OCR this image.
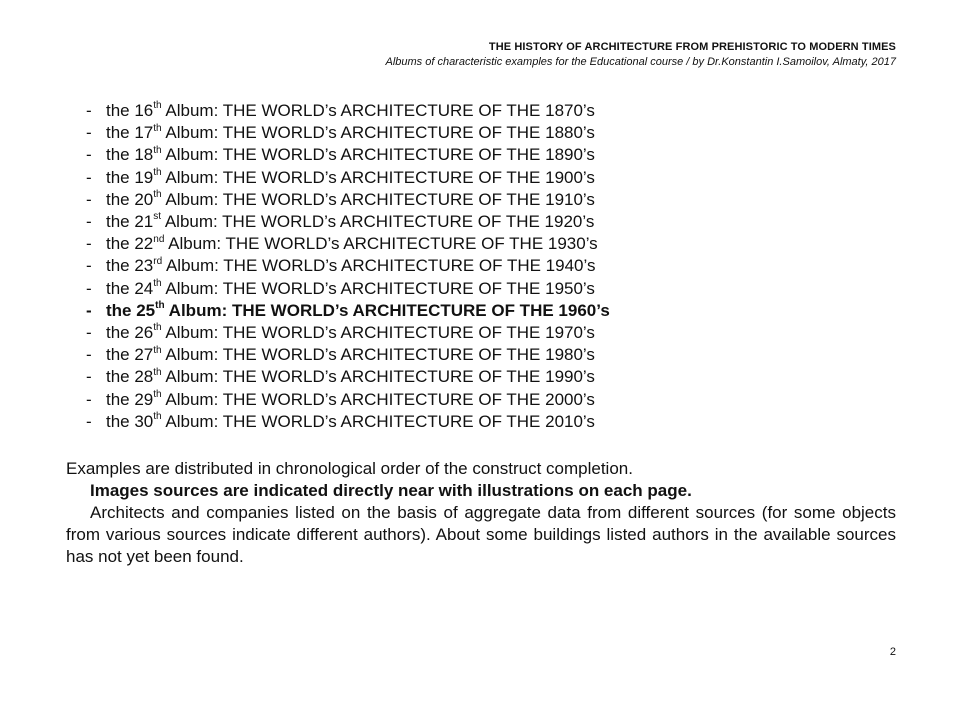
THE HISTORY OF ARCHITECTURE FROM PREHISTORIC TO MODERN TIMES
Albums of characteristic examples for the Educational course / by Dr.Konstantin I.Samoilov, Almaty, 2017
- the 16th Album: THE WORLD’s ARCHITECTURE OF THE 1870’s
- the 17th Album: THE WORLD’s ARCHITECTURE OF THE 1880’s
- the 18th Album: THE WORLD’s ARCHITECTURE OF THE 1890’s
- the 19th Album: THE WORLD’s ARCHITECTURE OF THE 1900’s
- the 20th Album: THE WORLD’s ARCHITECTURE OF THE 1910’s
- the 21st Album: THE WORLD’s ARCHITECTURE OF THE 1920’s
- the 22nd Album: THE WORLD’s ARCHITECTURE OF THE 1930’s
- the 23rd Album: THE WORLD’s ARCHITECTURE OF THE 1940’s
- the 24th Album: THE WORLD’s ARCHITECTURE OF THE 1950’s
- the 25th Album: THE WORLD’s ARCHITECTURE OF THE 1960’s
- the 26th Album: THE WORLD’s ARCHITECTURE OF THE 1970’s
- the 27th Album: THE WORLD’s ARCHITECTURE OF THE 1980’s
- the 28th Album: THE WORLD’s ARCHITECTURE OF THE 1990’s
- the 29th Album: THE WORLD’s ARCHITECTURE OF THE 2000’s
- the 30th Album: THE WORLD’s ARCHITECTURE OF THE 2010’s

Examples are distributed in chronological order of the construct completion.

Images sources are indicated directly near with illustrations on each page.

Architects and companies listed on the basis of aggregate data from different sources (for some objects from various sources indicate different authors). About some buildings listed authors in the available sources has not yet been found.

2
